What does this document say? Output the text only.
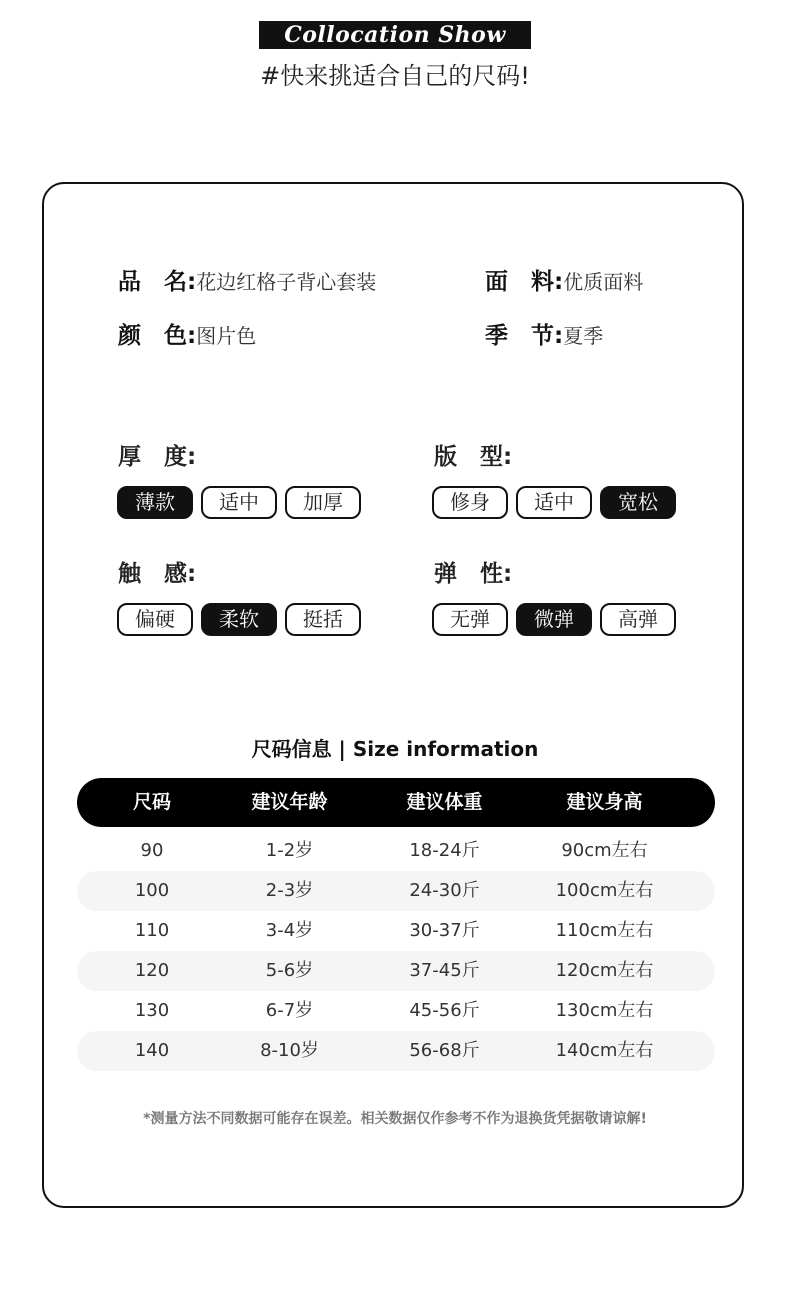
Collocation Show
#快来挑适合自己的尺码!
品　名:花边红格子背心套装	面　料:优质面料
颜　色:图片色	季　节:夏季
厚　度:
薄款	适中	加厚
版　型:
修身	适中	宽松
触　感:
偏硬	柔软	挺括
弹　性:
无弹	微弹	高弹
尺码信息 | Size information
尺码	建议年龄	建议体重	建议身高
90	1-2岁	18-24斤	90cm左右
100	2-3岁	24-30斤	100cm左右
110	3-4岁	30-37斤	110cm左右
120	5-6岁	37-45斤	120cm左右
130	6-7岁	45-56斤	130cm左右
140	8-10岁	56-68斤	140cm左右
*测量方法不同数据可能存在误差。相关数据仅作参考不作为退换货凭据敬请谅解!
